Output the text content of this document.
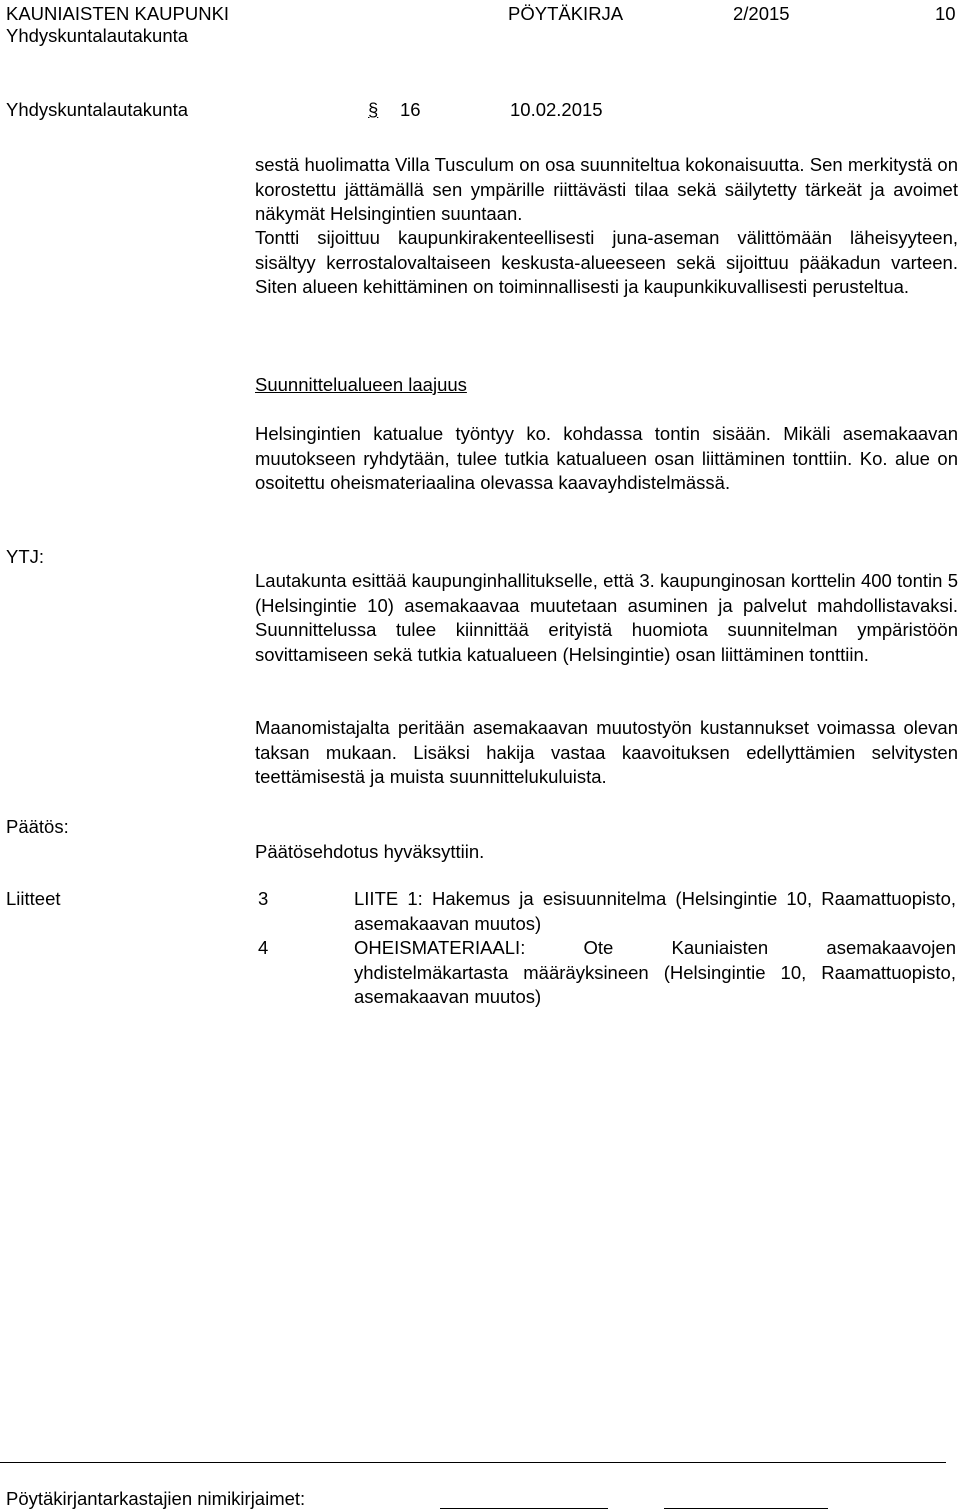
KAUNIAISTEN KAUPUNKI
Yhdyskuntalautakunta
PÖYTÄKIRJA	2/2015	10
Yhdyskuntalautakunta	§ 16	10.02.2015
sestä huolimatta Villa Tusculum on osa suunniteltua kokonaisuutta. Sen merkitystä on korostettu jättämällä sen ympärille riittävästi tilaa sekä säilytetty tärkeät ja avoimet näkymät Helsingintien suuntaan.
Tontti sijoittuu kaupunkirakenteellisesti juna-aseman välittömään läheisyyteen, sisältyy kerrostalovaltaiseen keskusta-alueeseen sekä sijoittuu pääkadun varteen. Siten alueen kehittäminen on toiminnallisesti ja kaupunkikuvallisesti perusteltua.
Suunnittelualueen laajuus
Helsingintien katualue työntyy ko. kohdassa tontin sisään. Mikäli asemakaavan muutokseen ryhdytään, tulee tutkia katualueen osan liittäminen tonttiin. Ko. alue on osoitettu oheismateriaalina olevassa kaavayhdistelmässä.
YTJ:
Lautakunta esittää kaupunginhallitukselle, että 3. kaupunginosan korttelin 400 tontin 5 (Helsingintie 10) asemakaavaa muutetaan asuminen ja palvelut mahdollistavaksi. Suunnittelussa tulee kiinnittää erityistä huomiota suunnitelman ympäristöön sovittamiseen sekä tutkia katualueen (Helsingintie) osan liittäminen tonttiin.
Maanomistajalta peritään asemakaavan muutostyön kustannukset voimassa olevan taksan mukaan. Lisäksi hakija vastaa kaavoituksen edellyttämien selvitysten teettämisestä ja muista suunnittelukuluista.
Päätös:
Päätösehdotus hyväksyttiin.
Liitteet	3	LIITE 1: Hakemus ja esisuunnitelma (Helsingintie 10, Raamattuopisto, asemakaavan muutos)
4	OHEISMATERIAALI: Ote Kauniaisten asemakaavojen yhdistelmäkartasta määräyksineen (Helsingintie 10, Raamattuopisto, asemakaavan muutos)
Pöytäkirjantarkastajien nimikirjaimet:
